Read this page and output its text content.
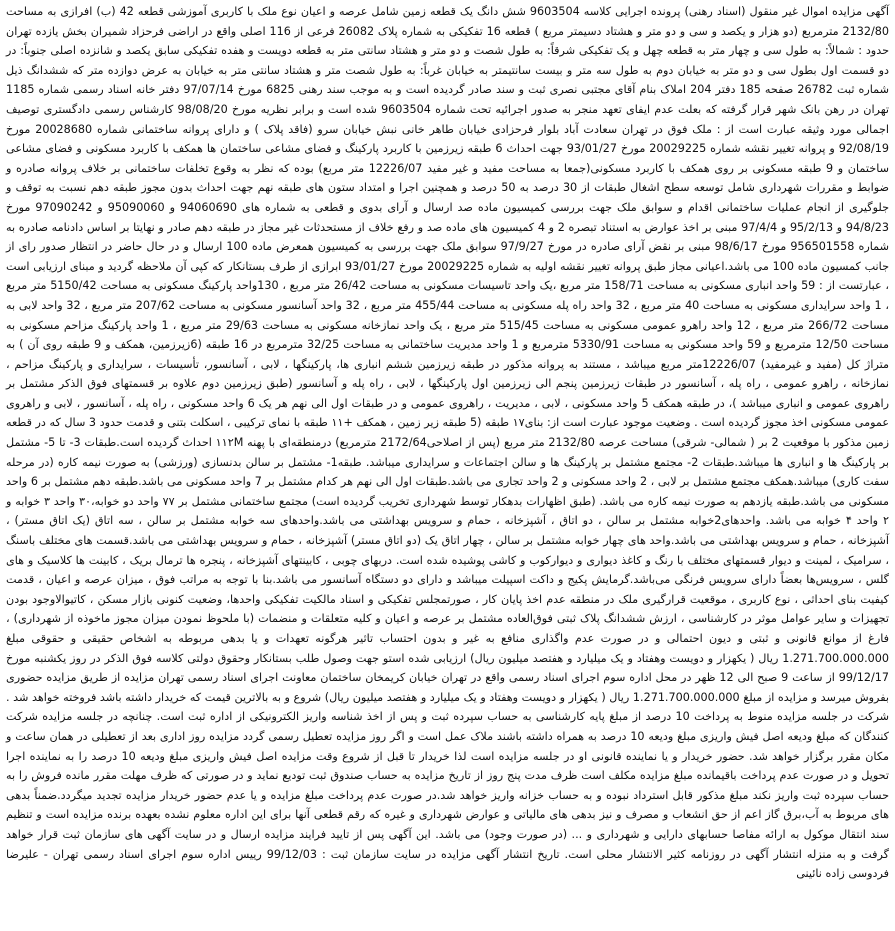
آگهی مزایده اموال غیر منقول (اسناد رهنی) پرونده اجرایی کلاسه 9603504 شش دانگ یک قطعه زمین شامل عرصه و اعیان نوع ملک با کاربری آموزشی قطعه 42 (ب) افرازی به مساحت 2132/80 مترمربع (دو هزار و یکصد و سی و دو متر و هشتاد دسیمتر مربع ) قطعه 16 تفکیکی به شماره پلاک 26082 فرعی از 116 اصلی واقع در اراضی فرحزاد شمیران بخش یازده تهران حدود : شمالاً: به طول سی و چهار متر به قطعه چهل و یک تفکیکی شرقاً: به طول شصت و دو متر و هشتاد سانتی متر به قطعه دویست و هفده تفکیکی سابق یکصد و شانزده اصلی جنوباً: در دو قسمت اول بطول سی و دو متر به خیابان دوم به طول سه متر و بیست سانتیمتر به خیابان غرباً: به طول شصت متر و هشتاد سانتی متر به خیابان به عرض دوازده متر که ششدانگ ذیل شماره ثبت 26782 صفحه 185 دفتر 204 املاک بنام آقای مجتبی نصری ثبت و سند صادر گردیده است و به موجب سند رهنی 6825 مورخ 97/07/14 دفتر خانه اسناد رسمی شماره 1185 تهران در رهن بانک شهر قرار گرفته که بعلت عدم ایفای تعهد منجر به صدور اجرائیه تحت شماره 9603504 شده است و برابر نظریه مورخ 98/08/20 کارشناس رسمی دادگستری توصیف اجمالی مورد وثیقه عبارت است از : ملک فوق در تهران سعادت آباد بلوار فرحزادی خیابان طاهر خانی نبش خیابان سرو (فاقد پلاک ) و دارای پروانه ساختمانی شماره 20028680 مورخ 92/08/19 و پروانه تغییر نقشه شماره 20029225 مورخ 93/01/27 جهت احداث 6 طبقه زیرزمین با کاربرد پارکینگ و فضای مشاعی ساختمان ها همکف با کاربرد مسکونی و فضای مشاعی ساختمان و 9 طبقه مسکونی بر روی همکف با کاربرد مسکونی(جمعا به مساحت مفید و غیر مفید 12226/07 متر مربع) بوده که نظر به وقوع تخلفات ساختمانی بر خلاف پروانه صادره و ضوابط و مقررات شهرداری شامل توسعه سطح اشغال طبقات از 30 درصد به 50 درصد و همچنین اجرا و امتداد ستون های طبقه نهم جهت احداث بدون مجوز طبقه دهم نسبت به توقف و جلوگیری از انجام عملیات ساختمانی اقدام و سوابق ملک جهت بررسی کمیسیون ماده صد ارسال و آرای بدوی و قطعی به شماره های 94060690 و 95090060 و 97090242 مورخ 94/8/23 و 95/2/13 و 97/4/4 مبنی بر اخذ عوارض به استناد تبصره 2 و 4 کمیسیون های ماده صد و رفع خلاف از مستحدثات غیر مجاز در طبقه دهم صادر و نهایتا بر اساس دادنامه صادره به شماره 956501558 مورخ 98/6/17 مبنی بر نقض آرای صادره در مورخ 97/9/27 سوابق ملک جهت بررسی به کمیسیون همعرض ماده 100 ارسال و در حال حاضر در انتظار صدور رای از جانب کمسیون ماده 100 می باشد.اعیانی مجاز طبق پروانه تغییر نقشه اولیه به شماره 20029225 مورخ 93/01/27 ابرازی از طرف بستانکار که کپی آن ملاحظه گردید و مبنای ارزیابی است ، عبارتست از : 59 واحد انباری مسکونی به مساحت 158/71 متر مربع ،یک واحد تاسیسات مسکونی به مساحت 26/42 متر مربع ، 130واحد پارکینگ مسکونی به مساحت 5150/42 متر مربع ، 1 واحد سرایداری مسکونی به مساحت 40 متر مربع ، 32 واحد راه پله مسکونی به مساحت 455/44 متر مربع ، 32 واحد آسانسور مسکونی به مساحت 207/62 متر مربع ، 32 واحد لابی به مساحت 266/72 متر مربع ، 12 واحد راهرو عمومی مسکونی به مساحت 515/45 متر مربع ، یک واحد نمازخانه مسکونی به مساحت 29/63 متر مربع ، 1 واحد پارکینگ مزاحم مسکونی به مساحت 12/50 مترمربع و 59 واحد مسکونی به مساحت 5330/91 مترمربع و 1 واحد مدیریت ساختمانی به مساحت 32/25 مترمربع در 16 طبقه (6زیرزمین، همکف و 9 طبقه روی آن ) به متراژ کل (مفید و غیرمفید) 12226/07متر مربع میباشد ، مستند به پروانه مذکور در طبقه زیرزمین ششم انباری ها، پارکینگها ، لابی ، آسانسور، تأسیسات ، سرایداری و پارکینگ مزاحم ، نمازخانه ، راهرو عمومی ، راه پله ، آسانسور در طبقات زیرزمین پنجم الی زیرزمین اول پارکینگها ، لابی ، راه پله و آسانسور (طبق زیرزمین دوم علاوه بر قسمتهای فوق الذکر مشتمل بر راهروی عمومی و انباری میباشد )، در طبقه همکف 5 واحد مسکونی ، لابی ، مدیریت ، راهروی عمومی و در طبقات اول الی نهم هر یک 6 واحد مسکونی ، راه پله ، آسانسور ، لابی و راهروی عمومی مسکونی اخذ مجوز گردیده است . وضعیت موجود عبارت است از: بنای۱۷ طبقه (5 طبقه زیر زمین ، همکف +۱۱ طبقه با نمای ترکیبی ، اسکلت بتنی و قدمت حدود 3 سال که در قطعه زمین مذکور با موقعیت 2 بر ( شمالی- شرقی) مساحت عرصه 2132/80 متر مربع (پس از اصلاحی2172/64 مترمربع) درمنطقه‌ای با پهنه ۱۱۲M احداث گردیده است.طبقات 3- تا 5- مشتمل بر پارکینگ ها و انباری ها میباشد.طبقات 2- مجتمع مشتمل بر پارکینگ ها و سالن اجتماعات و سرایداری میباشد. طبقه1- مشتمل بر سالن بدنسازی (ورزشی) به صورت نیمه کاره (در مرحله سفت کاری) میباشد.همکف مجتمع مشتمل بر لابی ، 2 واحد مسکونی و 2 واحد تجاری می باشد.طبقات اول الی نهم هر کدام مشتمل بر 7 واحد مسکونی می باشد.طبقه دهم مشتمل بر 6 واحد مسکونی می باشد.طبقه یازدهم به صورت نیمه کاره می باشد. (طبق اظهارات بدهکار توسط شهرداری تخریب گردیده است) مجتمع ساختمانی مشتمل بر ۷۷ واحد دو خوابه،۳۰ واحد ۳ خوابه و ۲ واحد ۴ خوابه می باشد. واحدهای2خوابه مشتمل بر سالن ، دو اتاق ، آشپزخانه ، حمام و سرویس بهداشتی می باشد.واحدهای سه خوابه مشتمل بر سالن ، سه اتاق (یک اتاق مستر) ، آشپزخانه ، حمام و سرویس بهداشتی می باشد.واحد های چهار خوابه مشتمل بر سالن ، چهار اتاق یک (دو اتاق مستر) آشپزخانه ، حمام و سرویس بهداشتی می باشد.قسمت های مختلف باسنگ ، سرامیک ، لمینت و دیوار قسمتهای مختلف با رنگ و کاغذ دیواری و دیوارکوب و کاشی پوشیده شده است. دربهای چوبی ، کابینتهای آشپزخانه ، پنجره ها ترمال بریک ، کابینت ها کلاسیک و های گلس ، سرویس‌ها بعضاً دارای سرویس فرنگی می‌باشد.گرمایش پکیج و داکت اسپیلت میباشد و دارای دو دستگاه آسانسور می باشد.بنا با توجه به مراتب فوق ، میزان عرصه و اعیان ، قدمت کیفیت بنای احداثی ، نوع کاربری ، موقعیت قرارگیری ملک در منطقه عدم اخذ پایان کار ، صورتمجلس تفکیکی و اسناد مالکیت تفکیکی واحدها، وضعیت کنونی بازار مسکن ، کاتیوالاوجود بودن تجهیزات و سایر عوامل موثر در کارشناسی ، ارزش ششدانگ پلاک ثبتی فوق‌العاده مشتمل بر عرصه و اعیان و کلیه متعلقات و منضمات (با ملحوظ نمودن میزان مجوز ماخوذه از شهرداری) ، فارغ از موانع قانونی و ثبتی و دیون احتمالی و در صورت عدم واگذاری منافع به غیر و بدون احتساب تاثیر هرگونه تعهدات و یا بدهی مربوطه به اشخاص حقیقی و حقوقی مبلغ 1.271.700.000.000 ریال ( یکهزار و دویست وهفتاد و یک میلیارد و هفتصد میلیون ریال) ارزیابی شده استو جهت وصول طلب بستانکار وحقوق دولتی کلاسه فوق الذکر در روز یکشنبه مورخ 99/12/17 از ساعت 9 صبح الی 12 ظهر در محل اداره سوم اجرای اسناد رسمی واقع در تهران خیابان کریمخان ساختمان معاونت اجرای اسناد رسمی تهران مزایده از طریق مزایده حضوری بفروش میرسد و مزایده از مبلغ 1.271.700.000.000 ریال ( یکهزار و دویست وهفتاد و یک میلیارد و هفتصد میلیون ریال) شروع و به بالاترین قیمت که خریدار داشته باشد فروخته خواهد شد . شرکت در جلسه مزایده منوط به پرداخت 10 درصد از مبلغ پایه کارشناسی به حساب سپرده ثبت و پس از اخذ شناسه واریز الکترونیکی از اداره ثبت است. چنانچه در جلسه مزایده شرکت کنندگان که مبلغ ودیعه اصل فیش واریزی مبلغ ودیعه 10 درصد به همراه داشته باشند ملاک عمل است و اگر روز مزایده تعطیل رسمی گردد مزایده روز اداری بعد از تعطیلی در همان ساعت و مکان مقرر برگزار خواهد شد. حضور خریدار و یا نماینده قانونی او در جلسه مزایده است لذا خریدار تا قبل از شروع وقت مزایده اصل فیش واریزی مبلغ ودیعه 10 درصد را به نماینده اجرا تحویل و در صورت عدم پرداخت باقیمانده مبلغ مزایده مکلف است ظرف مدت پنج روز از تاریخ مزایده به حساب صندوق ثبت تودیع نماید و در صورتی که ظرف مهلت مقرر مانده فروش را به حساب سپرده ثبت واریز نکند مبلغ مذکور قابل استرداد نبوده و به حساب خزانه واریز خواهد شد.در صورت عدم پرداخت مبلغ مزایده و یا عدم حضور خریدار مزایده تجدید میگردد.ضمناً بدهی های مربوط به آب،برق گاز اعم از حق انشعاب و مصرف و نیز بدهی های مالیاتی و عوارض شهرداری و غیره که رقم قطعی آنها برای این اداره معلوم نشده بعهده برنده مزایده است و تنظیم سند انتقال موکول به ارائه مفاصا حسابهای دارایی و شهرداری و ... (در صورت وجود) می باشد. این آگهی پس از تایید فرایند مزایده ارسال و در سایت آگهی های سازمان ثبت قرار خواهد گرفت و به منزله انتشار آگهی در روزنامه کثیر الانتشار محلی است. تاریخ انتشار آگهی مزایده در سایت سازمان ثبت : 99/12/03 رییس اداره سوم اجرای اسناد رسمی تهران - علیرضا فردوسی زاده نائینی
